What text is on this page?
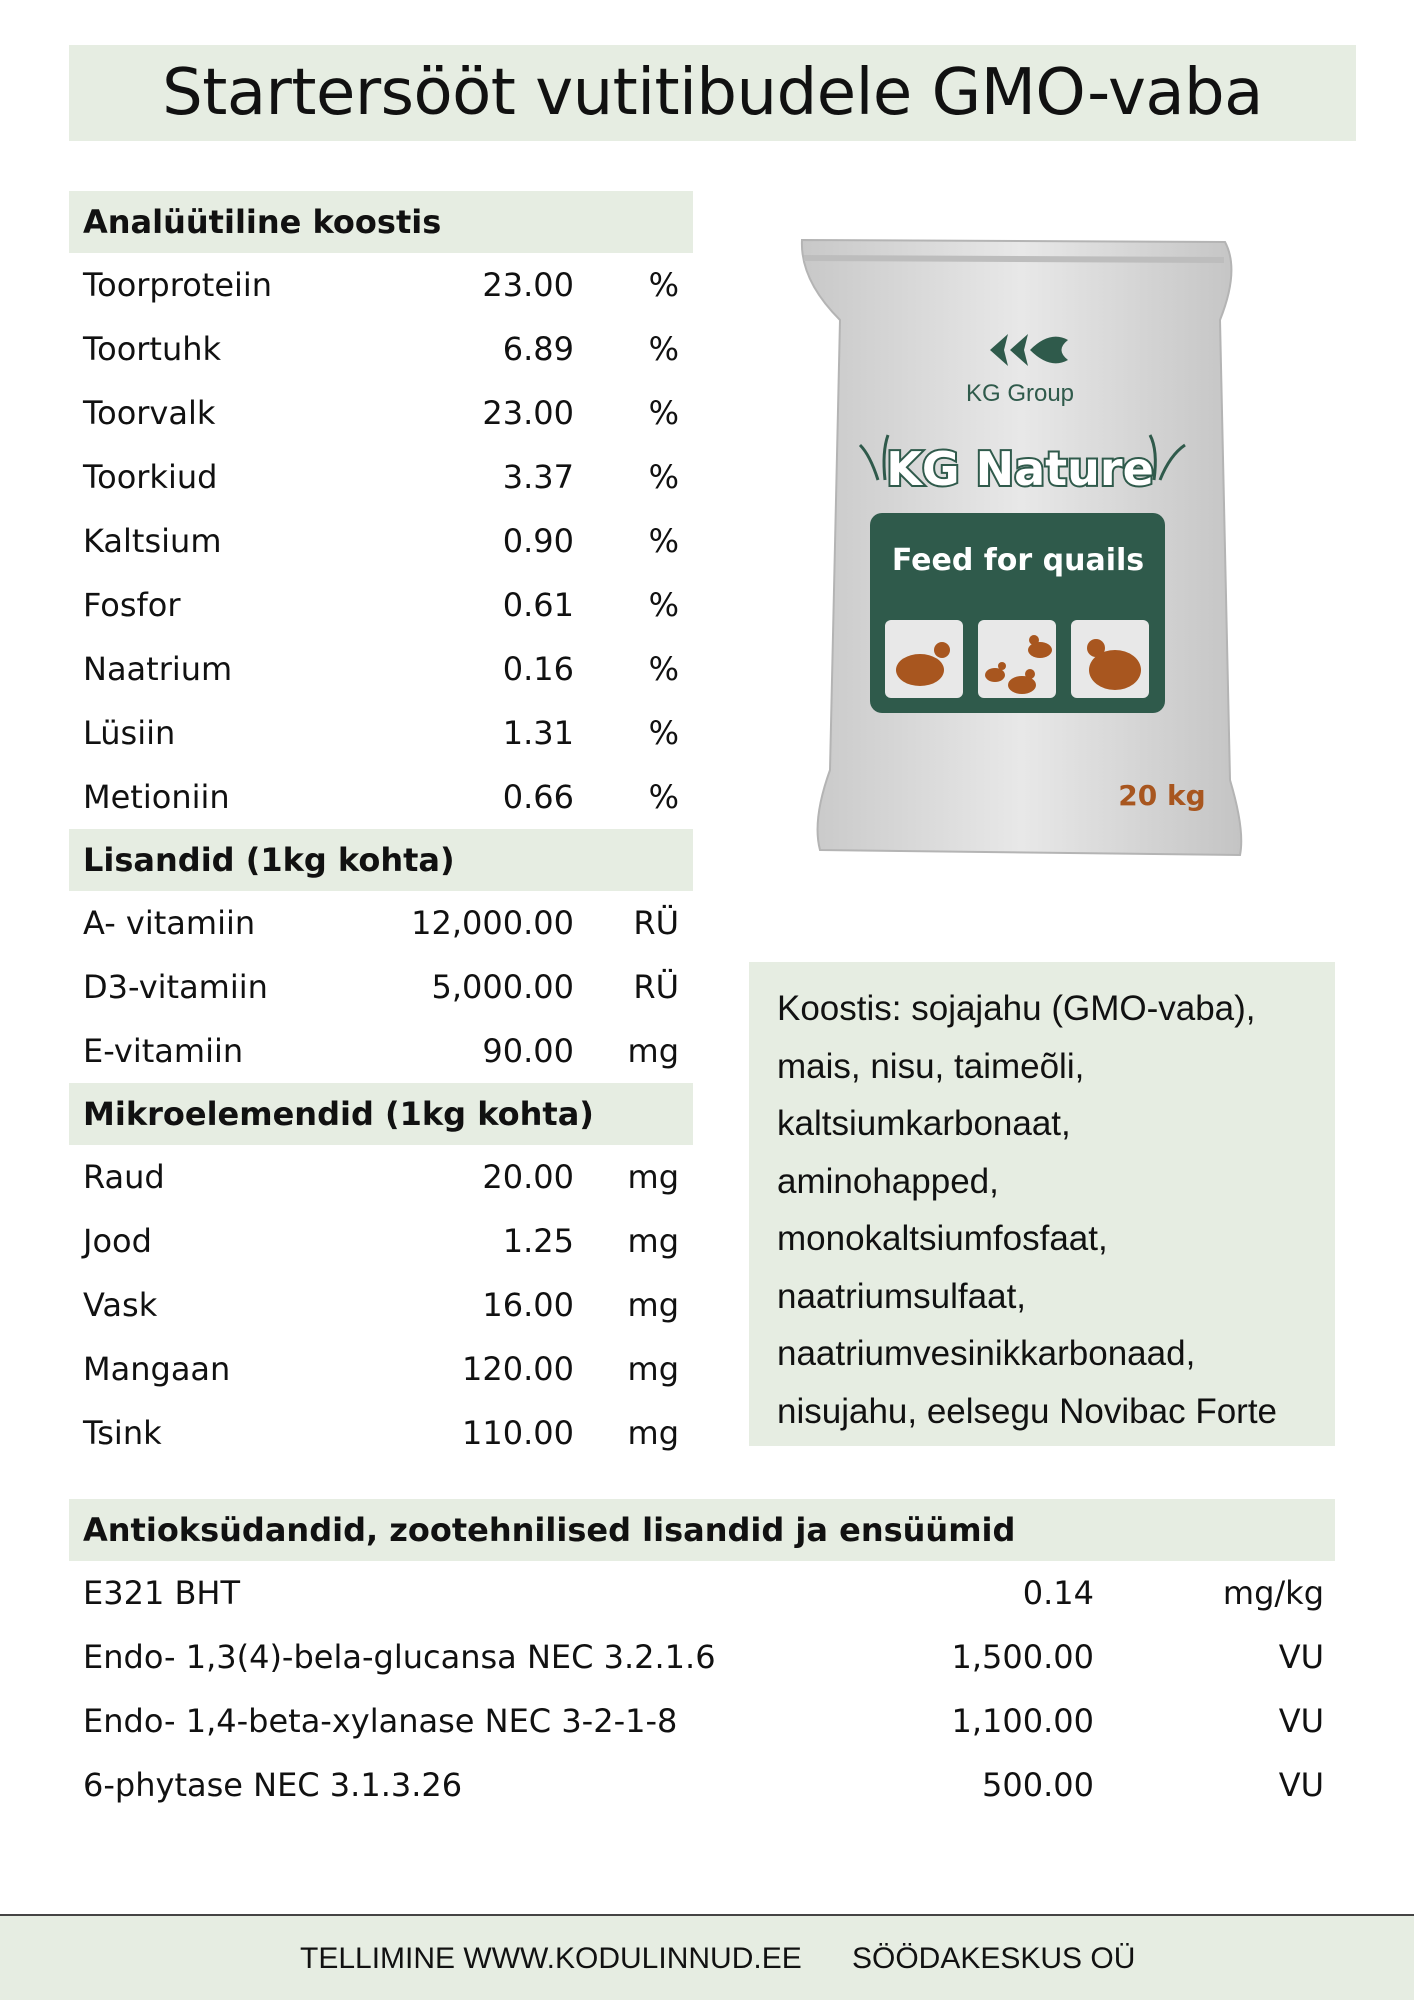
Startersööt vutitibudele GMO-vaba
Analüütiline koostis
Toorproteiin	23.00	%
Toortuhk	6.89	%
Toorvalk	23.00	%
Toorkiud	3.37	%
Kaltsium	0.90	%
Fosfor	0.61	%
Naatrium	0.16	%
Lüsiin	1.31	%
Metioniin	0.66	%
Lisandid (1kg kohta)
A- vitamiin	12,000.00	RÜ
D3-vitamiin	5,000.00	RÜ
E-vitamiin	90.00	mg
Mikroelemendid (1kg kohta)
Raud	20.00	mg
Jood	1.25	mg
Vask	16.00	mg
Mangaan	120.00	mg
Tsink	110.00	mg
KG Group
KG Nature
Feed for quails
20 kg
Koostis: sojajahu (GMO-vaba),
mais, nisu, taimeõli,
kaltsiumkarbonaat,
aminohapped,
monokaltsiumfosfaat,
naatriumsulfaat,
naatriumvesinikkarbonaad,
nisujahu, eelsegu Novibac Forte
Antioksüdandid, zootehnilised lisandid ja ensüümid
E321 BHT	0.14	mg/kg
Endo- 1,3(4)-bela-glucansa NEC 3.2.1.6	1,500.00	VU
Endo- 1,4-beta-xylanase NEC 3-2-1-8	1,100.00	VU
6-phytase NEC 3.1.3.26	500.00	VU
TELLIMINE WWW.KODULINNUD.EE SÖÖDAKESKUS OÜ
